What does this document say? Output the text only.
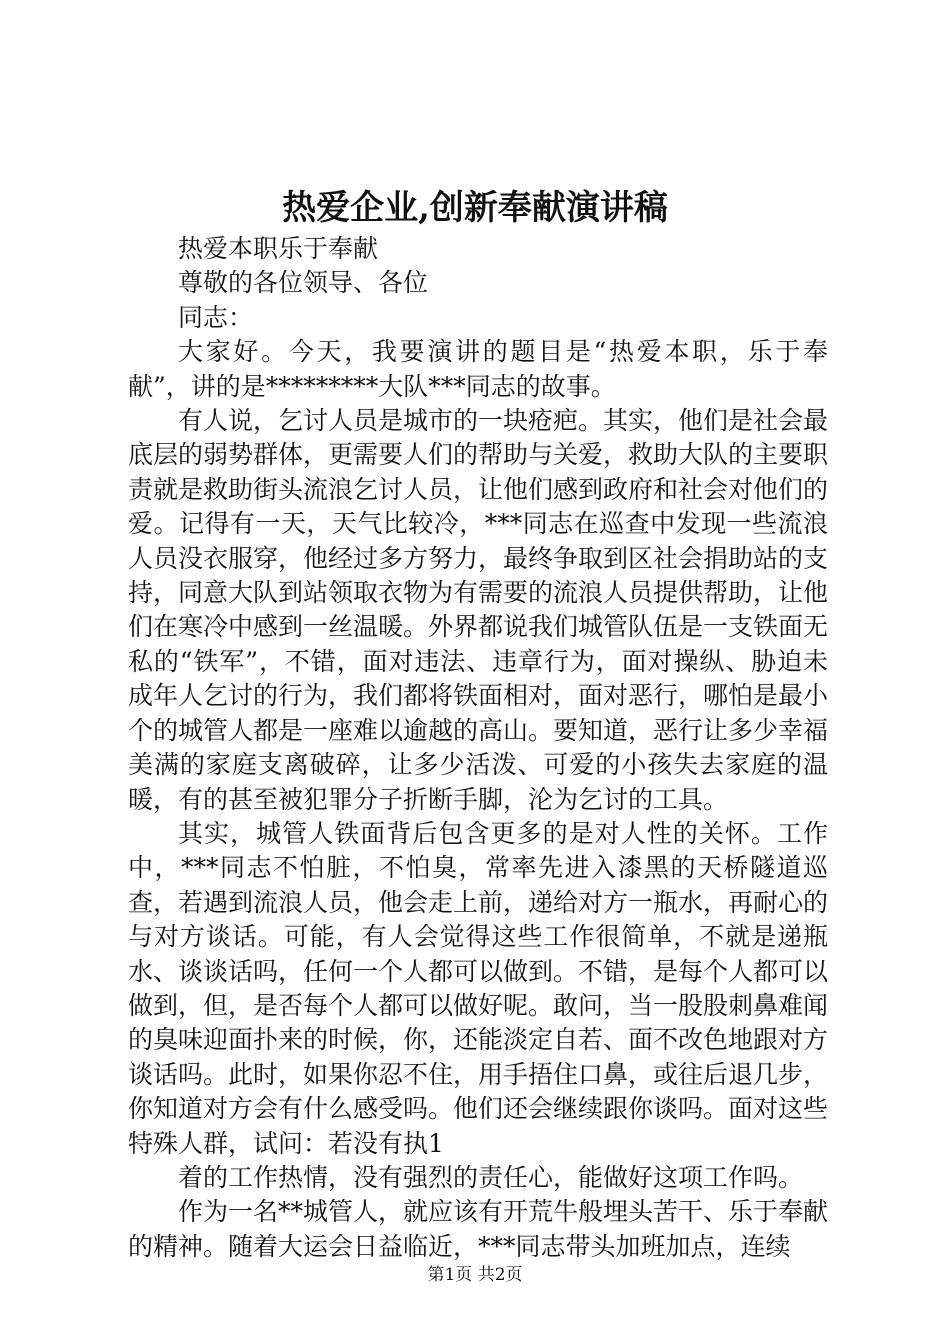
热爱企业,创新奉献演讲稿

热爱本职乐于奉献

尊敬的各位领导、各位

同志：

大家好。今天，我要演讲的题目是“热爱本职，乐于奉献”，讲的是*********大队***同志的故事。

有人说，乞讨人员是城市的一块疮疤。其实，他们是社会最底层的弱势群体，更需要人们的帮助与关爱，救助大队的主要职责就是救助街头流浪乞讨人员，让他们感到政府和社会对他们的爱。记得有一天，天气比较冷，***同志在巡查中发现一些流浪人员没衣服穿，他经过多方努力，最终争取到区社会捐助站的支持，同意大队到站领取衣物为有需要的流浪人员提供帮助，让他们在寒冷中感到一丝温暖。外界都说我们城管队伍是一支铁面无私的“铁军”，不错，面对违法、违章行为，面对操纵、胁迫未成年人乞讨的行为，我们都将铁面相对，面对恶行，哪怕是最小个的城管人都是一座难以逾越的高山。要知道，恶行让多少幸福美满的家庭支离破碎，让多少活泼、可爱的小孩失去家庭的温暖，有的甚至被犯罪分子折断手脚，沦为乞讨的工具。

其实，城管人铁面背后包含更多的是对人性的关怀。工作中，***同志不怕脏，不怕臭，常率先进入漆黑的天桥隧道巡查，若遇到流浪人员，他会走上前，递给对方一瓶水，再耐心的与对方谈话。可能，有人会觉得这些工作很简单，不就是递瓶水、谈谈话吗，任何一个人都可以做到。不错，是每个人都可以做到，但，是否每个人都可以做好呢。敢问，当一股股刺鼻难闻的臭味迎面扑来的时候，你，还能淡定自若、面不改色地跟对方谈话吗。此时，如果你忍不住，用手捂住口鼻，或往后退几步，你知道对方会有什么感受吗。他们还会继续跟你谈吗。面对这些特殊人群，试问：若没有执1

着的工作热情，没有强烈的责任心，能做好这项工作吗。

作为一名**城管人，就应该有开荒牛般埋头苦干、乐于奉献的精神。随着大运会日益临近，***同志带头加班加点，连续

第1页 共2页
